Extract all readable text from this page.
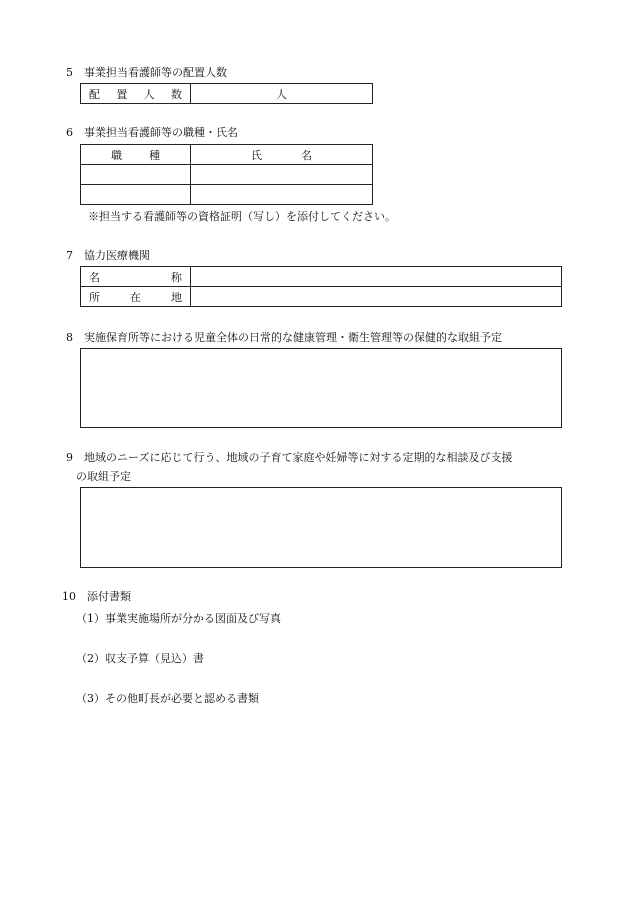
5　事業担当看護師等の配置人数
配 置 人 数	人
6　事業担当看護師等の職種・氏名
職 種	氏 名

※担当する看護師等の資格証明（写し）を添付してください。
7　協力医療機関
名 称	

所 在 地	

8　実施保育所等における児童全体の日常的な健康管理・衛生管理等の保健的な取組予定
9　地域のニーズに応じて行う、地域の子育て家庭や妊婦等に対する定期的な相談及び支援
の取組予定
10　添付書類
（1）事業実施場所が分かる図面及び写真
（2）収支予算（見込）書
（3）その他町長が必要と認める書類
